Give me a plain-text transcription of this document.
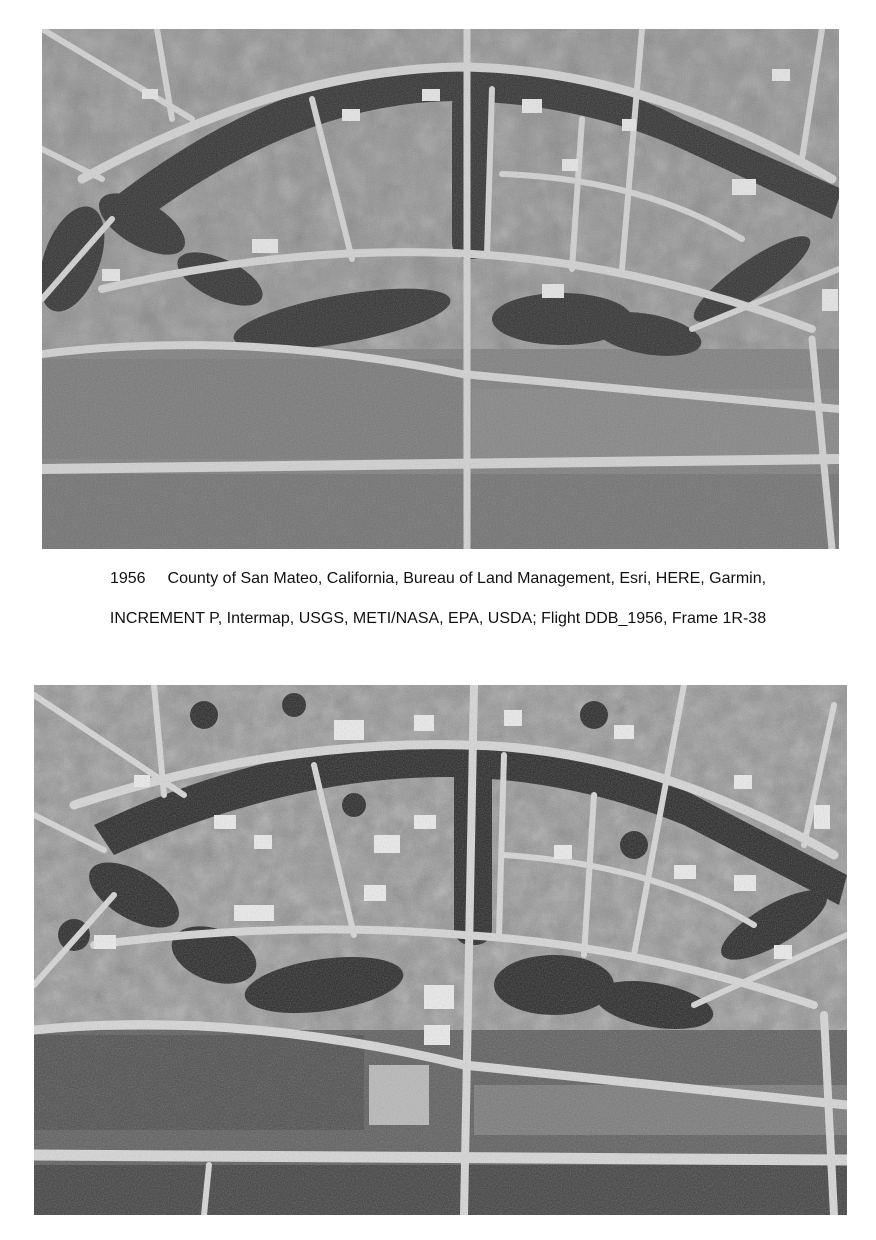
1956 County of San Mateo, California, Bureau of Land Management, Esri, HERE, Garmin,
INCREMENT P, Intermap, USGS, METI/NASA, EPA, USDA; Flight DDB_1956, Frame 1R-38
